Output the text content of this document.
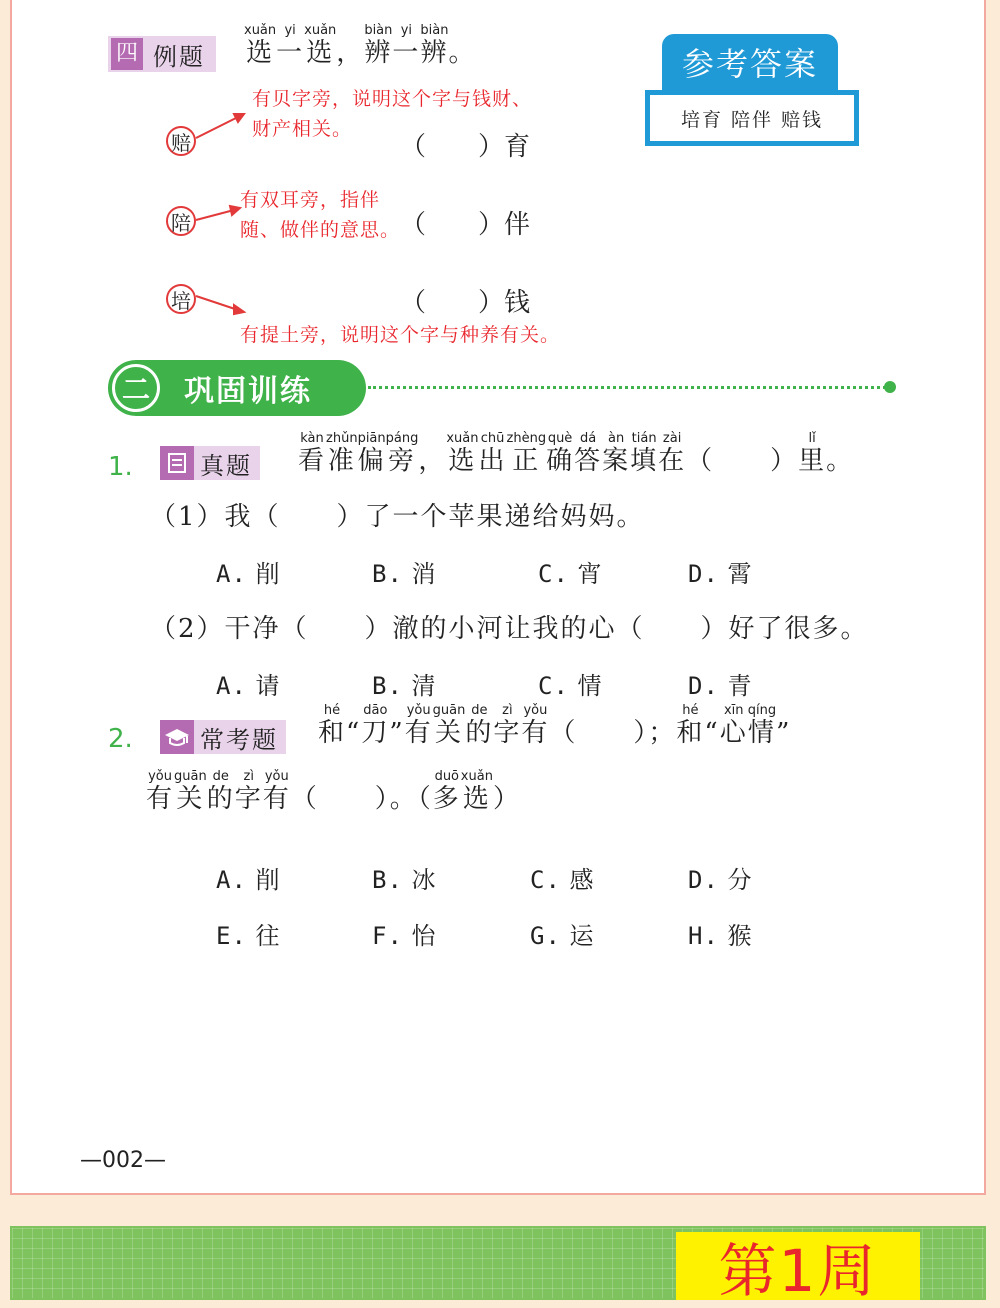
四 例题 选xuǎn一yi选xuǎn， 辨biàn一yi辨biàn。	参考答案
培育 陪伴 赔钱
赔
陪
培
有贝字旁，说明这个字与钱财、
财产相关。
有双耳旁，指伴
随、做伴的意思。
有提土旁，说明这个字与种养有关。
（　　）育
（　　）伴
（　　）钱
二	巩固训练
1.	真题	看kàn准zhǔn偏piān旁páng， 选xuǎn出chū正zhèng确què答dá案àn填tián在zài（　　） 里lǐ。
（1）我（　　）了一个苹果递给妈妈。
A. 削	B. 消	C. 宵	D. 霄
（2）干净（　　）澈的小河让我的心（　　）好了很多。
A. 请	B. 清	C. 情	D. 青
2.	常考题	和hé“ 刀dāo” 有yǒu关guān的de字zì有yǒu（　　）； 和hé“ 心xīn情qíng”
有yǒu关guān的de字zì有yǒu（　　）。（ 多duō选xuǎn）
A. 削	B. 冰	C. 感	D. 分
E. 往	F. 怡	G. 运	H. 猴
—002—
第1周
